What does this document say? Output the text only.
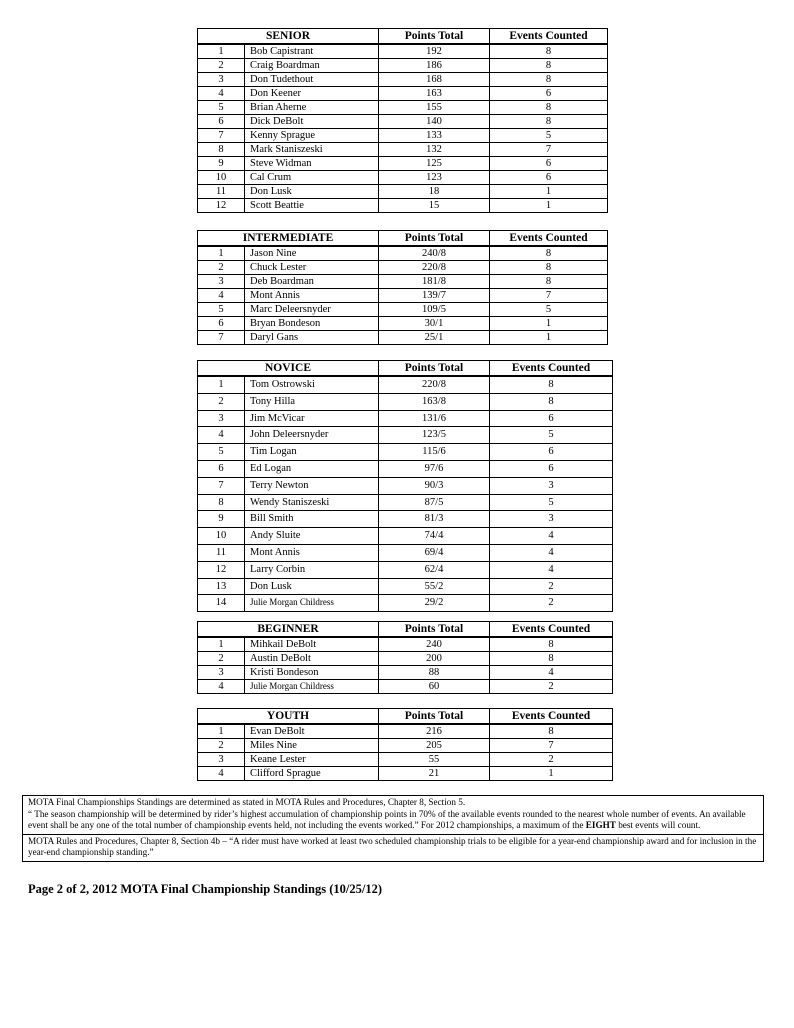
SENIOR		Points Total	Events Counted
1	Bob Capistrant	192	8
2	Craig Boardman	186	8
3	Don Tudethout	168	8
4	Don Keener	163	6
5	Brian Aherne	155	8
6	Dick DeBolt	140	8
7	Kenny Sprague	133	5
8	Mark Staniszeski	132	7
9	Steve Widman	125	6
10	Cal Crum	123	6
11	Don Lusk	18	1
12	Scott Beattie	15	1
INTERMEDIATE		Points Total	Events Counted
1	Jason Nine	240/8	8
2	Chuck Lester	220/8	8
3	Deb Boardman	181/8	8
4	Mont Annis	139/7	7
5	Marc Deleersnyder	109/5	5
6	Bryan Bondeson	30/1	1
7	Daryl Gans	25/1	1
NOVICE		Points Total	Events Counted
1	Tom Ostrowski	220/8	8
2	Tony Hilla	163/8	8
3	Jim McVicar	131/6	6
4	John Deleersnyder	123/5	5
5	Tim Logan	115/6	6
6	Ed Logan	97/6	6
7	Terry Newton	90/3	3
8	Wendy Staniszeski	87/5	5
9	Bill Smith	81/3	3
10	Andy Sluite	74/4	4
11	Mont Annis	69/4	4
12	Larry Corbin	62/4	4
13	Don Lusk	55/2	2
14	Julie Morgan Childress	29/2	2
BEGINNER		Points Total	Events Counted
1	Mihkail DeBolt	240	8
2	Austin DeBolt	200	8
3	Kristi Bondeson	88	4
4	Julie Morgan Childress	60	2
YOUTH		Points Total	Events Counted
1	Evan DeBolt	216	8
2	Miles Nine	205	7
3	Keane Lester	55	2
4	Clifford Sprague	21	1

MOTA Final Championships Standings are determined as stated in MOTA Rules and Procedures, Chapter 8, Section 5.
“ The season championship will be determined by rider’s highest accumulation of championship points in 70% of the available events rounded to the nearest whole number of events. An available event shall be any one of the total number of championship events held, not including the events worked.” For 2012 championships, a maximum of the EIGHT best events will count.

MOTA Rules and Procedures, Chapter 8, Section 4b – “A rider must have worked at least two scheduled championship trials to be eligible for a year-end championship award and for inclusion in the year-end championship standing.”

Page 2 of 2, 2012 MOTA Final Championship Standings (10/25/12)
